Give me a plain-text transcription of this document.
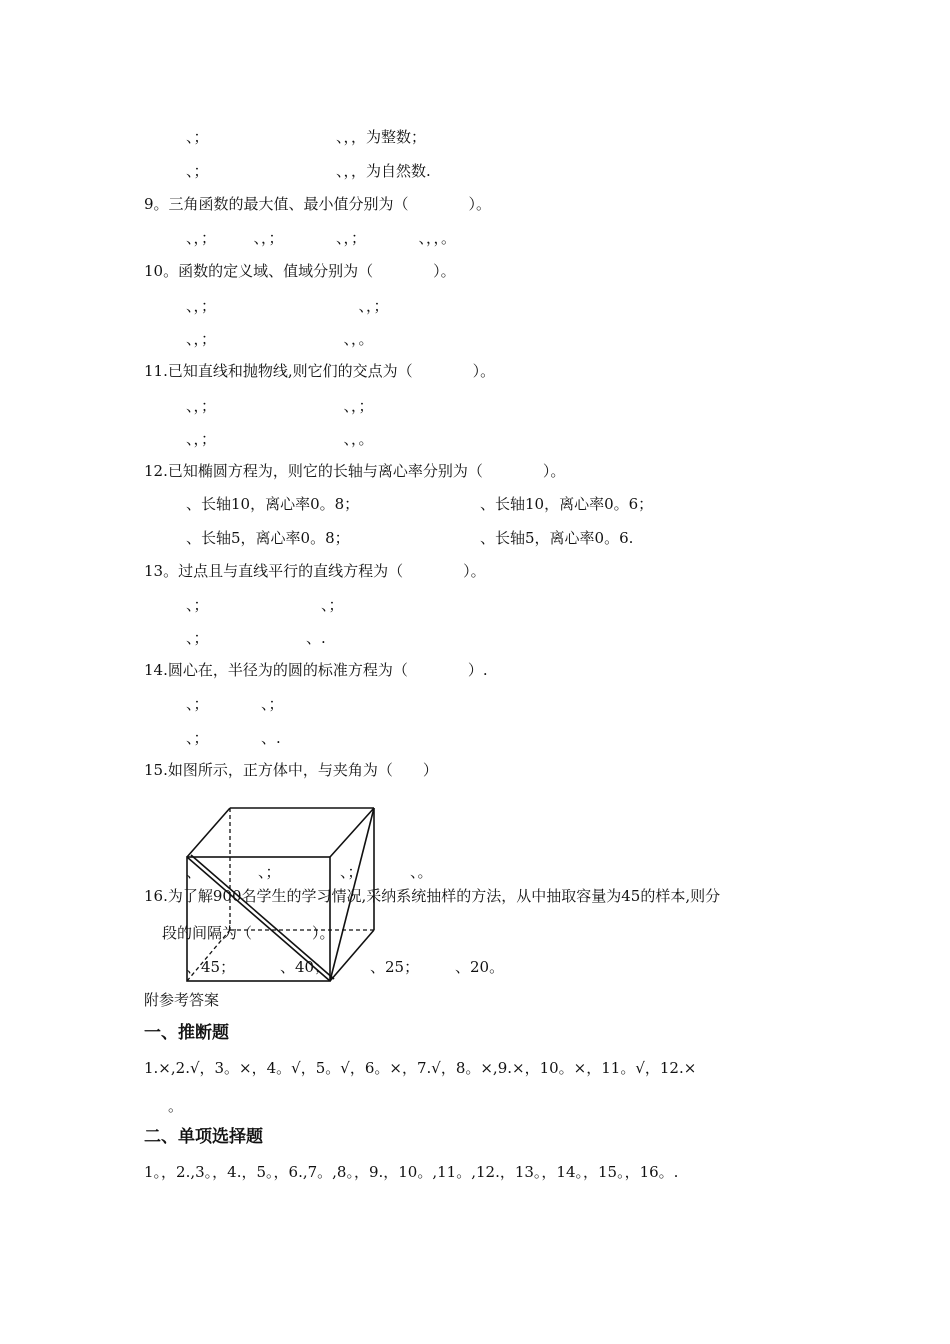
、；　　　　　　　　　、，，为整数；
、；　　　　　　　　　、，，为自然数.
9。三角函数的最大值、最小值分别为（　　　　）。
、，；　　　、，；　　　　、，；　　　　、，，。
10。函数的定义域、值域分别为（　　　　）。
、，；　　　　　　　　　　、，；
、，；　　　　　　　　　、，。
11.已知直线和抛物线,则它们的交点为（　　　　）。
、，；　　　　　　　　　、，；
、，；　　　　　　　　　、，。
12.已知椭圆方程为，则它的长轴与离心率分别为（　　　　）。
、长轴10，离心率0。8；	、长轴10，离心率0。6；
、长轴5，离心率0。8；	、长轴5，离心率0。6.
13。过点且与直线平行的直线方程为（　　　　）。
、；　　　　　　　　、；
、；　　　　　　　、.
14.圆心在，半径为的圆的标准方程为（　　　　）.
、；　　　　、；
、；　　　　、.
15.如图所示，正方体中，与夹角为（　　）
、	、；	、；	、。
16.为了解900名学生的学习情况,采纳系统抽样的方法，从中抽取容量为45的样本,则分
段的间隔为（　　　　）。
、45；	、40；	、25； 、20。
附参考答案
一、推断题
1.×,2.√，3。×，4。√，5。√，6。×，7.√，8。×,9.×，10。×，11。√，12.×
。
二、单项选择题
1。，2.,3。，4.，5。，6.,7。,8。，9.，10。,11。,12.，13。，14。，15。，16。.
